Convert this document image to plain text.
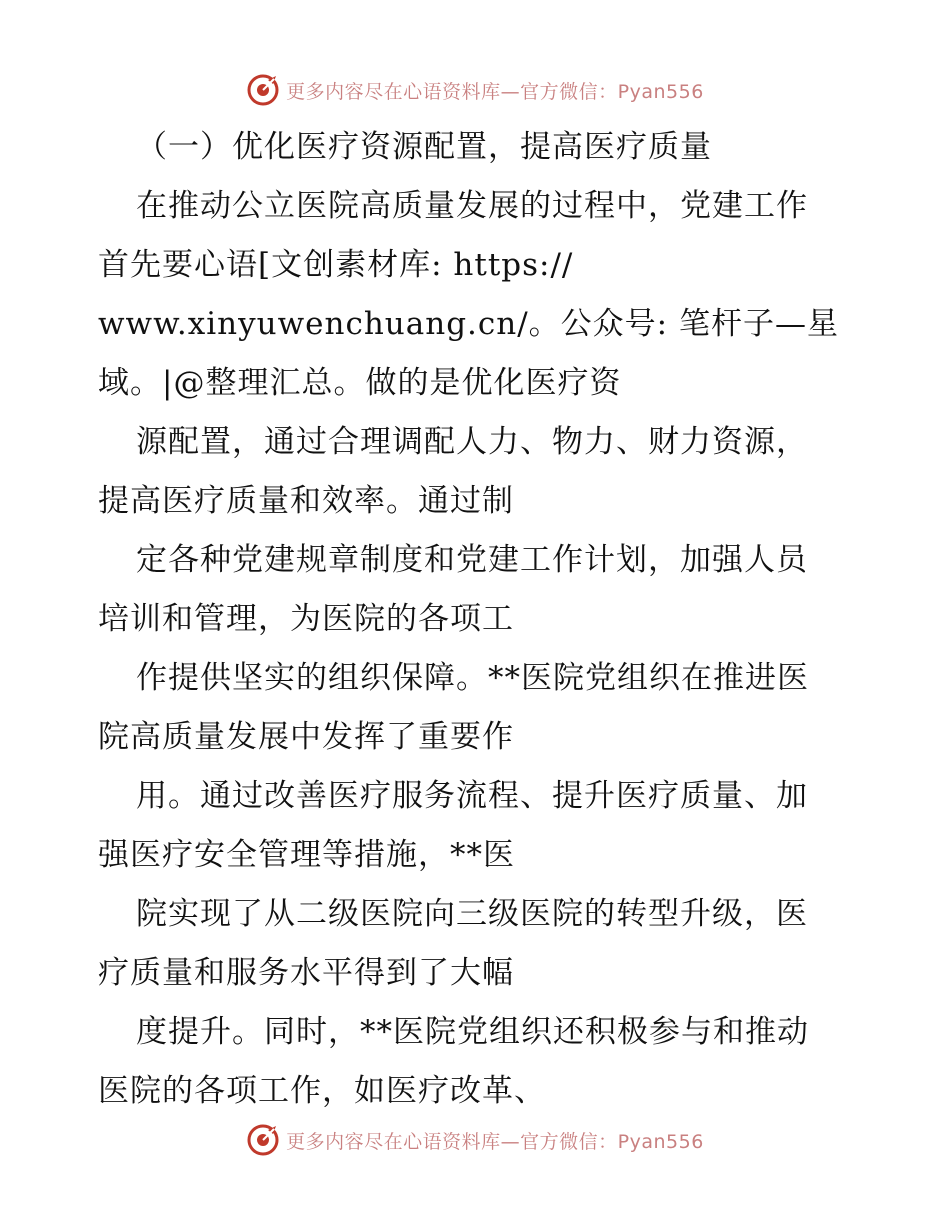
更多内容尽在心语资料库—官方微信：Pyan556
（一）优化医疗资源配置，提高医疗质量
在推动公立医院高质量发展的过程中，党建工作
首先要心语[文创素材库: https://
www.xinyuwenchuang.cn/。公众号: 笔杆子—星
域。|@整理汇总。做的是优化医疗资
源配置，通过合理调配人力、物力、财力资源，
提高医疗质量和效率。通过制
定各种党建规章制度和党建工作计划，加强人员
培训和管理，为医院的各项工
作提供坚实的组织保障。**医院党组织在推进医
院高质量发展中发挥了重要作
用。通过改善医疗服务流程、提升医疗质量、加
强医疗安全管理等措施，**医
院实现了从二级医院向三级医院的转型升级，医
疗质量和服务水平得到了大幅
度提升。同时，**医院党组织还积极参与和推动
医院的各项工作，如医疗改革、
更多内容尽在心语资料库—官方微信：Pyan556
